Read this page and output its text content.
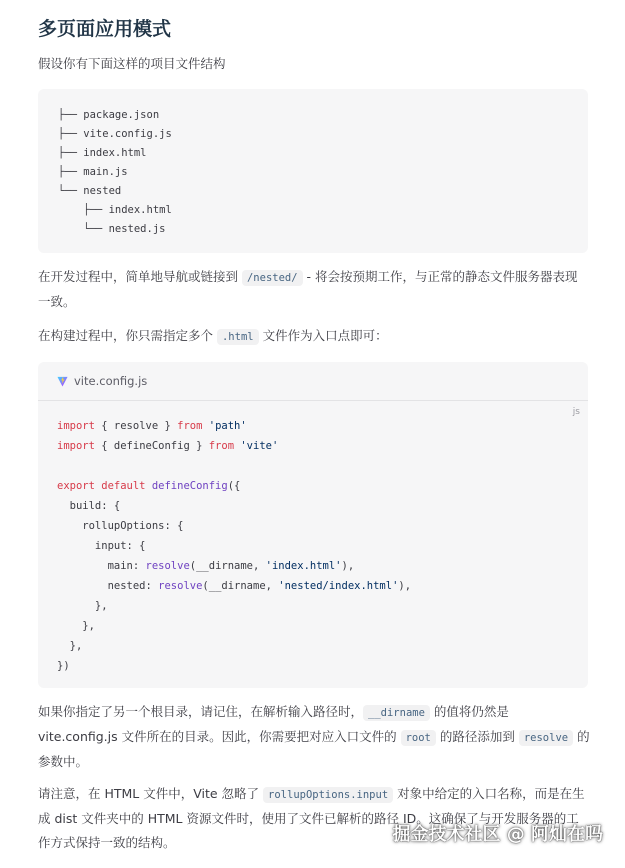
多页面应用模式

假设你有下面这样的项目文件结构

├── package.json
├── vite.config.js
├── index.html
├── main.js
└── nested
├── index.html
└── nested.js

在开发过程中，简单地导航或链接到 /nested/ - 将会按预期工作，与正常的静态文件服务器表现一致。

在构建过程中，你只需指定多个 .html 文件作为入口点即可：

vite.config.js
js
import { resolve } from 'path'
import { defineConfig } from 'vite'

export default defineConfig({
build: {
rollupOptions: {
input: {
main: resolve(__dirname, 'index.html'),
nested: resolve(__dirname, 'nested/index.html'),
},
},
},
})

如果你指定了另一个根目录，请记住，在解析输入路径时， __dirname 的值将仍然是 vite.config.js 文件所在的目录。因此，你需要把对应入口文件的 root 的路径添加到 resolve 的参数中。

请注意，在 HTML 文件中，Vite 忽略了 rollupOptions.input 对象中给定的入口名称，而是在生成 dist 文件夹中的 HTML 资源文件时，使用了文件已解析的路径 ID。这确保了与开发服务器的工作方式保持一致的结构。	掘金技术社区 @ 阿灿在吗
